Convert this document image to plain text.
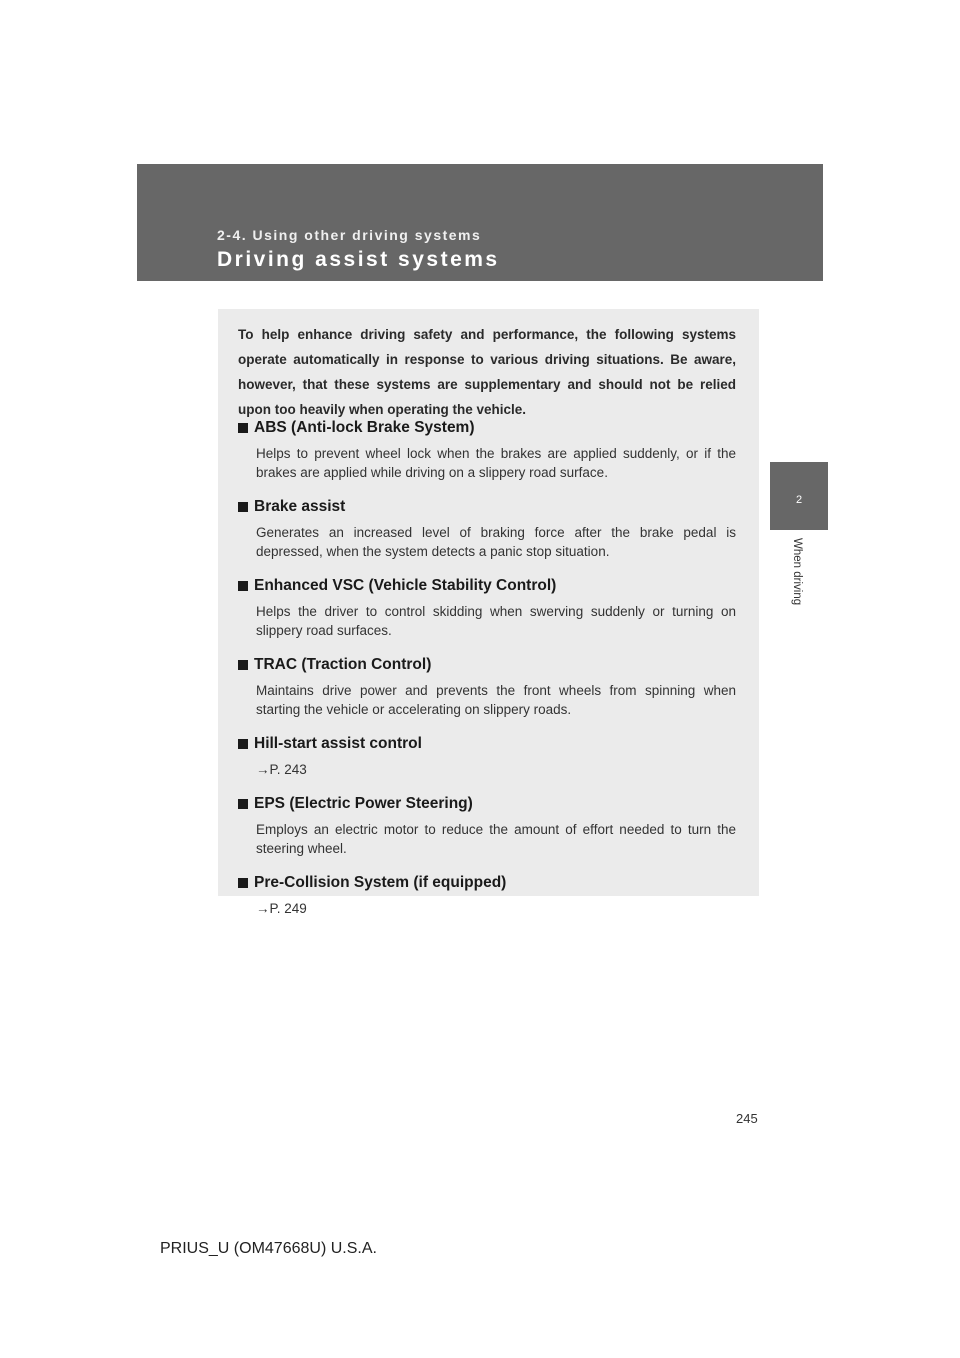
2-4. Using other driving systems
Driving assist systems
2
When driving
To help enhance driving safety and performance, the following systems operate automatically in response to various driving situations. Be aware, however, that these systems are supplementary and should not be relied upon too heavily when operating the vehicle.
ABS (Anti-lock Brake System)
Helps to prevent wheel lock when the brakes are applied suddenly, or if the brakes are applied while driving on a slippery road surface.
Brake assist
Generates an increased level of braking force after the brake pedal is depressed, when the system detects a panic stop situation.
Enhanced VSC (Vehicle Stability Control)
Helps the driver to control skidding when swerving suddenly or turning on slippery road surfaces.
TRAC (Traction Control)
Maintains drive power and prevents the front wheels from spinning when starting the vehicle or accelerating on slippery roads.
Hill-start assist control
→P. 243
EPS (Electric Power Steering)
Employs an electric motor to reduce the amount of effort needed to turn the steering wheel.
Pre-Collision System (if equipped)
→P. 249
245
PRIUS_U (OM47668U) U.S.A.
